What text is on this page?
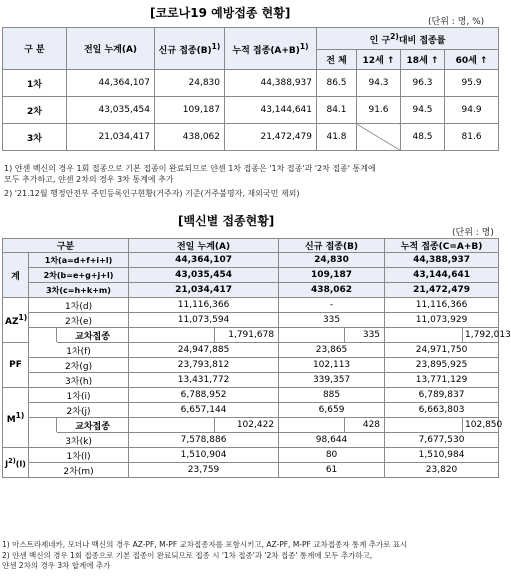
[코로나19 예방접종 현황]
(단위 : 명, %)
구 분	전일 누계(A)	신규 접종$(B)^{1)}$	누적 접종$(A+B)^{1)}$	인 구$^{2)}$대비 접종률			
				전 체	12세 ↑	18세 ↑	60세 ↑
1차	44,364,107	24,830	44,388,937	86.5	94.3	96.3	95.9
2차	43,035,454	109,187	43,144,641	84.1	91.6	94.5	94.9
3차	21,034,417	438,062	21,472,479	41.8		48.5	81.6
1) 얀센 백신의 경우 1회 접종으로 기본 접종이 완료되므로 얀센 1차 접종은 '1차 접종'과 '2차 접종' 통계에
모두 추가하고, 얀센 2차의 경우 3차 통계에 추가
2) '21.12월 행정안전부 주민등록인구현황(거주자) 기준(거주불명자, 재외국민 제외)
[백신별 접종현황]
(단위 : 명)
구분			전일 누계(A)		신규 접종(B)		누적 접종(C=A+B)	
계	1차(a=d+f+i+l)		44,364,107		24,830		44,388,937	
	2차(b=e+g+j+l)		43,035,454		109,187		43,144,641	
	3차(c=h+k+m)		21,034,417		438,062		21,472,479	
AZ$^{1)}$	1차(d)		11,116,366		-		11,116,366	
	2차(e)		11,073,594		335		11,073,929	
		교차접종		1,791,678		335		1,792,013
PF	1차(f)		24,947,885		23,865		24,971,750	
	2차(g)		23,793,812		102,113		23,895,925	
	3차(h)		13,431,772		339,357		13,771,129	
$M^{1)}$	1차(i)		6,788,952		885		6,789,837	
	2차(j)		6,657,144		6,659		6,663,803	
		교차접종		102,422		428		102,850
	3차(k)		7,578,886		98,644		7,677,530	
$J^{2)}(l)$	1차(l)		1,510,904		80		1,510,984	
	2차(m)		23,759		61		23,820	
1) 아스트라제네카, 모더나 백신의 경우 AZ-PF, M-PF 교차접종자를 포함시키고, AZ-PF, M-PF 교차접종자 통계 추가로 표시
2) 얀센 백신의 경우 1회 접종으로 기본 접종이 완료되므로 접종 시 '1차 접종'과 '2차 접종' 통계에 모두 추가하고,
얀센 2차의 경우 3차 합계에 추가
